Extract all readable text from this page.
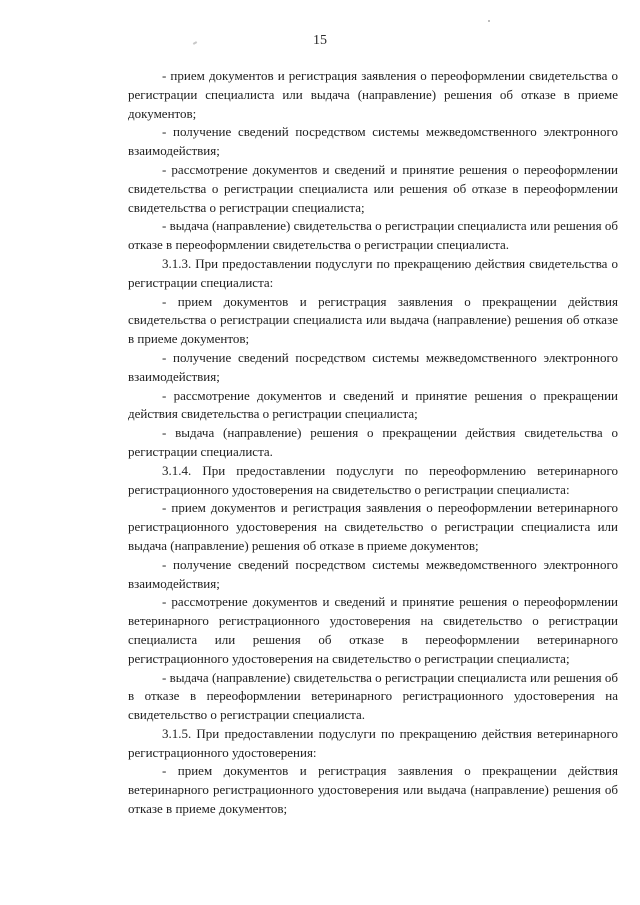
15

- прием документов и регистрация заявления о переоформлении свидетельства о регистрации специалиста или выдача (направление) решения об отказе в приеме документов;

- получение сведений посредством системы межведомственного электронного взаимодействия;

- рассмотрение документов и сведений и принятие решения о переоформлении свидетельства о регистрации специалиста или решения об отказе в переоформлении свидетельства о регистрации специалиста;

- выдача (направление) свидетельства о регистрации специалиста или решения об отказе в переоформлении свидетельства о регистрации специалиста.

3.1.3. При предоставлении подуслуги по прекращению действия свидетельства о регистрации специалиста:

- прием документов и регистрация заявления о прекращении действия свидетельства о регистрации специалиста или выдача (направление) решения об отказе в приеме документов;

- получение сведений посредством системы межведомственного электронного взаимодействия;

- рассмотрение документов и сведений и принятие решения о прекращении действия свидетельства о регистрации специалиста;

- выдача (направление) решения о прекращении действия свидетельства о регистрации специалиста.

3.1.4. При предоставлении подуслуги по переоформлению ветеринарного регистрационного удостоверения на свидетельство о регистрации специалиста:

- прием документов и регистрация заявления о переоформлении ветеринарного регистрационного удостоверения на свидетельство о регистрации специалиста или выдача (направление) решения об отказе в приеме документов;

- получение сведений посредством системы межведомственного электронного взаимодействия;

- рассмотрение документов и сведений и принятие решения о переоформлении ветеринарного регистрационного удостоверения на свидетельство о регистрации специалиста или решения об отказе в переоформлении ветеринарного регистрационного удостоверения на свидетельство о регистрации специалиста;

- выдача (направление) свидетельства о регистрации специалиста или решения об в отказе в переоформлении ветеринарного регистрационного удостоверения на свидетельство о регистрации специалиста.

3.1.5. При предоставлении подуслуги по прекращению действия ветеринарного регистрационного удостоверения:

- прием документов и регистрация заявления о прекращении действия ветеринарного регистрационного удостоверения или выдача (направление) решения об отказе в приеме документов;
